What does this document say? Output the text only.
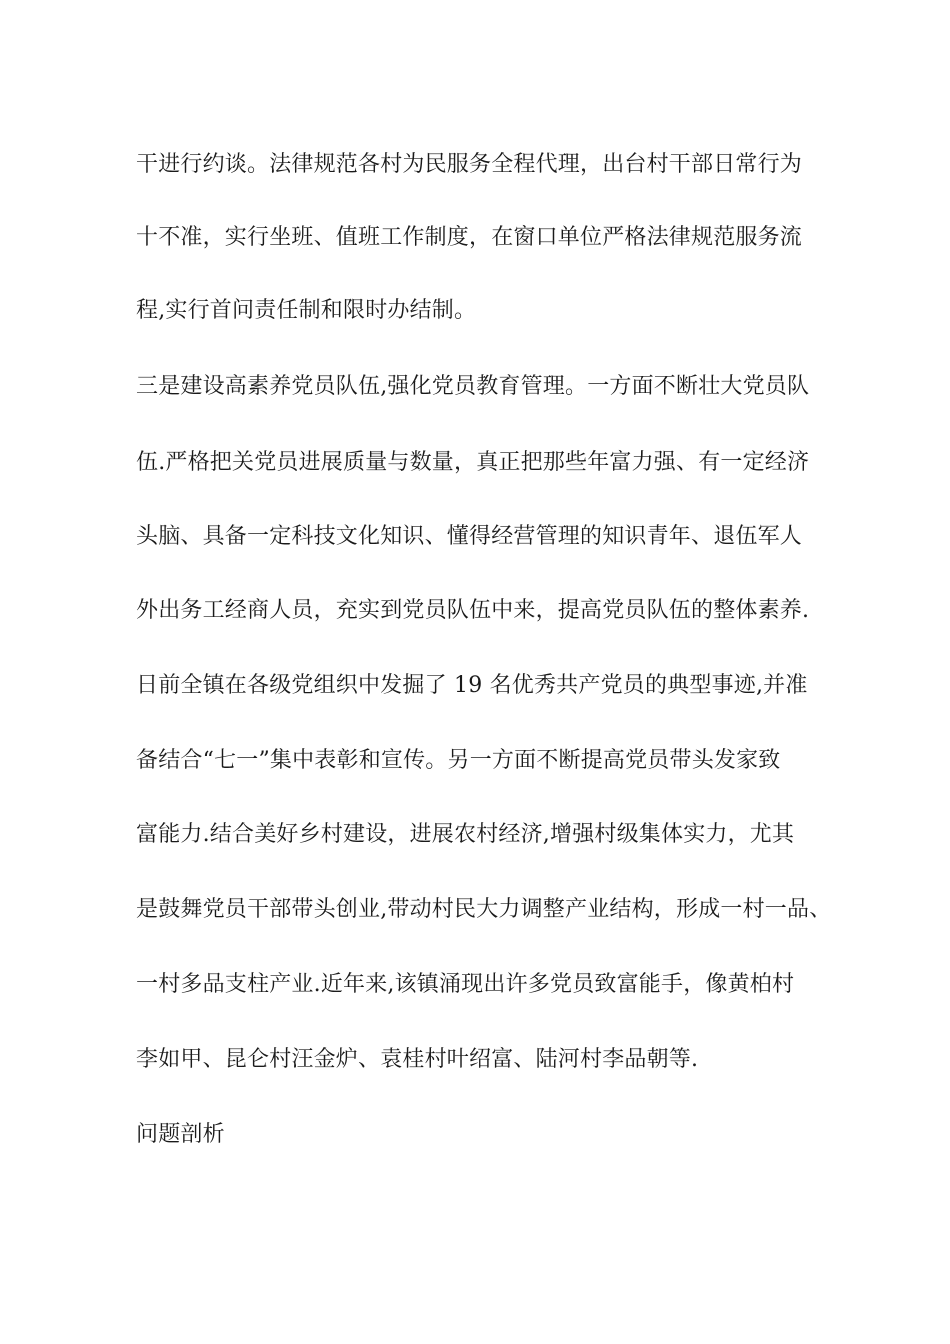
干进行约谈。法律规范各村为民服务全程代理，出台村干部日常行为
十不准，实行坐班、值班工作制度，在窗口单位严格法律规范服务流
程,实行首问责任制和限时办结制。
三是建设高素养党员队伍,强化党员教育管理。一方面不断壮大党员队
伍.严格把关党员进展质量与数量，真正把那些年富力强、有一定经济
头脑、具备一定科技文化知识、懂得经营管理的知识青年、退伍军人
外出务工经商人员，充实到党员队伍中来，提高党员队伍的整体素养.
日前全镇在各级党组织中发掘了 19 名优秀共产党员的典型事迹,并准
备结合“七一”集中表彰和宣传。另一方面不断提高党员带头发家致
富能力.结合美好乡村建设，进展农村经济,增强村级集体实力，尤其
是鼓舞党员干部带头创业,带动村民大力调整产业结构，形成一村一品、
一村多品支柱产业.近年来,该镇涌现出许多党员致富能手，像黄柏村
李如甲、昆仑村汪金炉、袁桂村叶绍富、陆河村李品朝等.
问题剖析
